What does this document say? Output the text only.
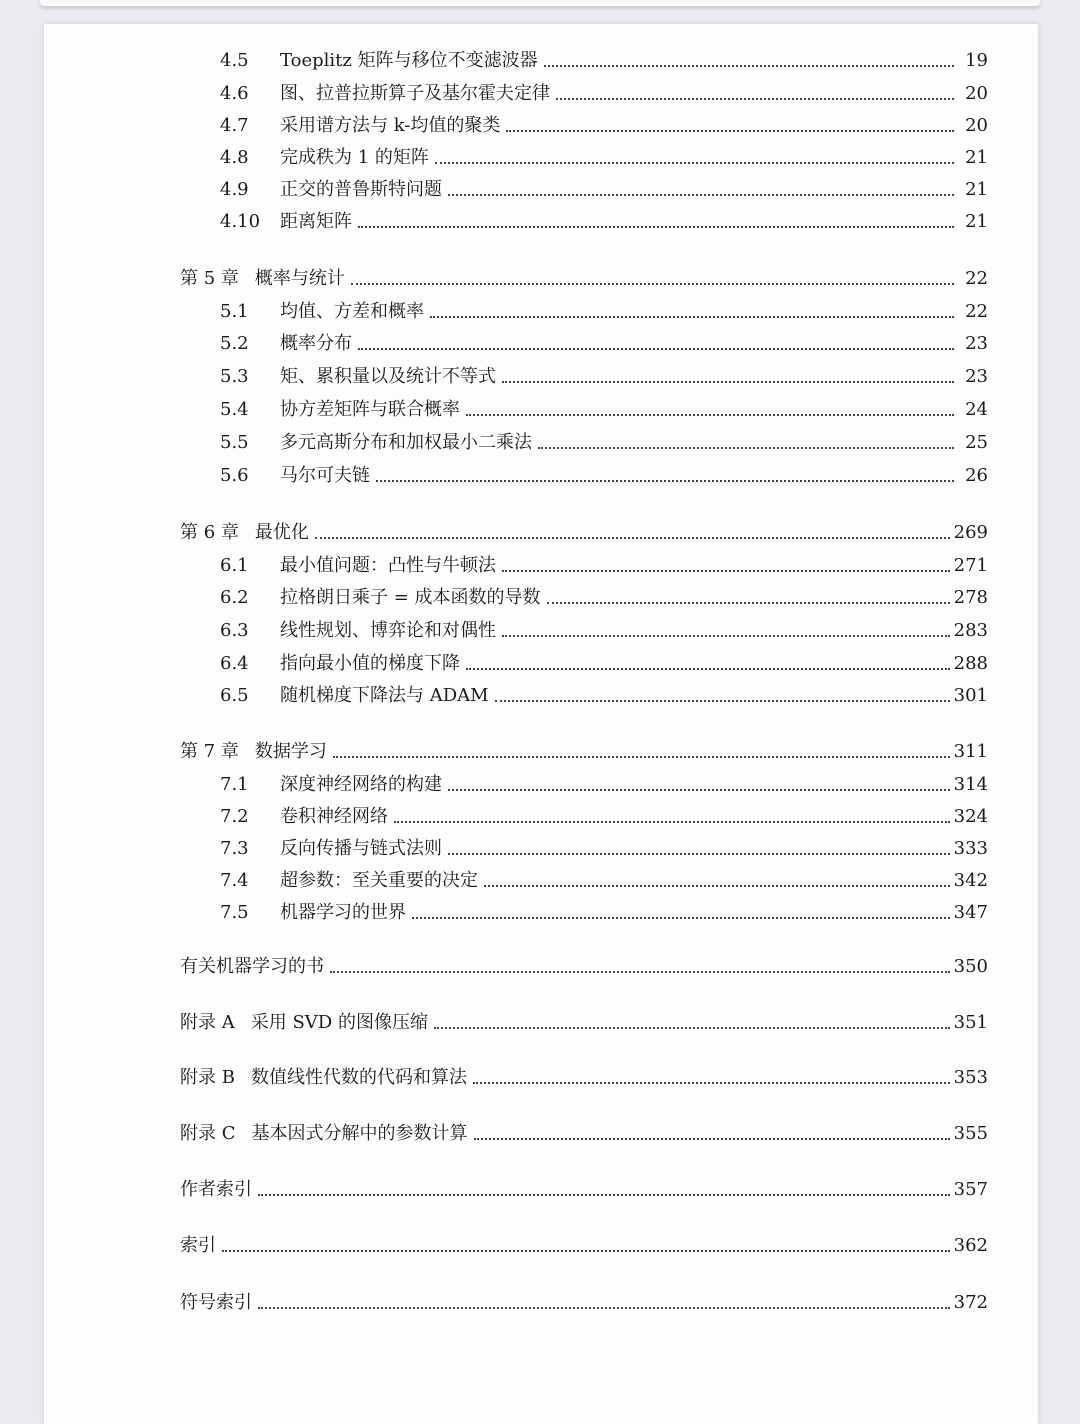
4.5	Toeplitz 矩阵与移位不变滤波器	19
4.6	图、拉普拉斯算子及基尔霍夫定律	20
4.7	采用谱方法与 k-均值的聚类	20
4.8	完成秩为 1 的矩阵	21
4.9	正交的普鲁斯特问题	21
4.10 距离矩阵	21
第 5 章 概率与统计	22
5.1	均值、方差和概率	22
5.2	概率分布	23
5.3	矩、累积量以及统计不等式	23
5.4	协方差矩阵与联合概率	24
5.5	多元高斯分布和加权最小二乘法	25
5.6	马尔可夫链	26
第 6 章 最优化	269
6.1	最小值问题：凸性与牛顿法	271
6.2	拉格朗日乘子 = 成本函数的导数	278
6.3	线性规划、博弈论和对偶性	283
6.4	指向最小值的梯度下降	288
6.5	随机梯度下降法与 ADAM	301
第 7 章 数据学习	311
7.1	深度神经网络的构建	314
7.2	卷积神经网络	324
7.3	反向传播与链式法则	333
7.4	超参数：至关重要的决定	342
7.5	机器学习的世界	347
有关机器学习的书	350
附录 A 采用 SVD 的图像压缩	351
附录 B 数值线性代数的代码和算法	353
附录 C 基本因式分解中的参数计算	355
作者索引	357
索引	362
符号索引	372
